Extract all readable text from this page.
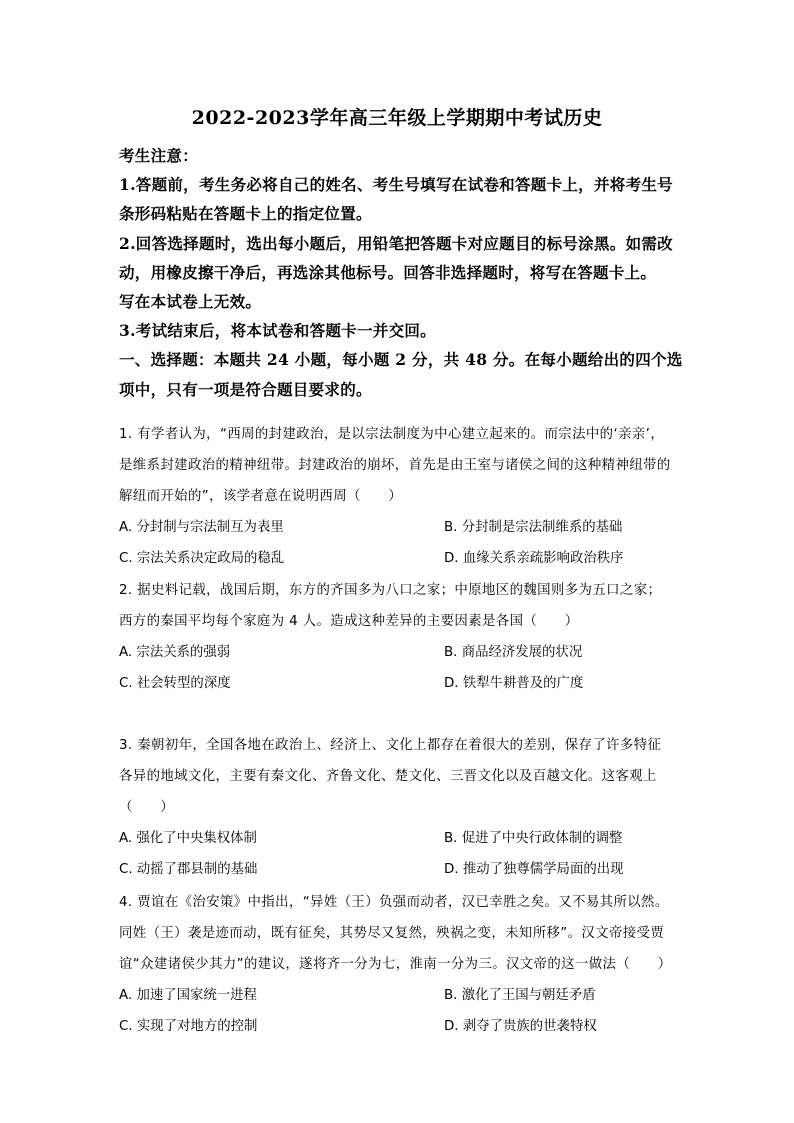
2022-2023学年高三年级上学期期中考试历史
考生注意：
1.答题前，考生务必将自己的姓名、考生号填写在试卷和答题卡上，并将考生号
条形码粘贴在答题卡上的指定位置。
2.回答选择题时，选出每小题后，用铅笔把答题卡对应题目的标号涂黑。如需改
动，用橡皮擦干净后，再选涂其他标号。回答非选择题时，将写在答题卡上。
写在本试卷上无效。
3.考试结束后，将本试卷和答题卡一并交回。
一、选择题：本题共 24 小题，每小题 2 分，共 48 分。在每小题给出的四个选
项中，只有一项是符合题目要求的。
1. 有学者认为，“西周的封建政治，是以宗法制度为中心建立起来的。而宗法中的‘亲亲’，
是维系封建政治的精神纽带。封建政治的崩坏，首先是由王室与诸侯之间的这种精神纽带的
解纽而开始的”，该学者意在说明西周（　　）
A. 分封制与宗法制互为表里	B. 分封制是宗法制维系的基础
C. 宗法关系决定政局的稳乱	D. 血缘关系亲疏影响政治秩序
2. 据史料记载，战国后期，东方的齐国多为八口之家；中原地区的魏国则多为五口之家；
西方的秦国平均每个家庭为 4 人。造成这种差异的主要因素是各国（　　）
A. 宗法关系的强弱	B. 商品经济发展的状况
C. 社会转型的深度	D. 铁犁牛耕普及的广度
3. 秦朝初年，全国各地在政治上、经济上、文化上都存在着很大的差别，保存了许多特征
各异的地域文化，主要有秦文化、齐鲁文化、楚文化、三晋文化以及百越文化。这客观上
（　　）
A. 强化了中央集权体制	B. 促进了中央行政体制的调整
C. 动摇了郡县制的基础	D. 推动了独尊儒学局面的出现
4. 贾谊在《治安策》中指出，“异姓（王）负强而动者，汉已幸胜之矣。又不易其所以然。
同姓（王）袭是迹而动，既有征矣，其势尽又复然，殃祸之变，未知所移”。汉文帝接受贾
谊“众建诸侯少其力”的建议，遂将齐一分为七，淮南一分为三。汉文帝的这一做法（　　）
A. 加速了国家统一进程	B. 激化了王国与朝廷矛盾
C. 实现了对地方的控制	D. 剥夺了贵族的世袭特权
